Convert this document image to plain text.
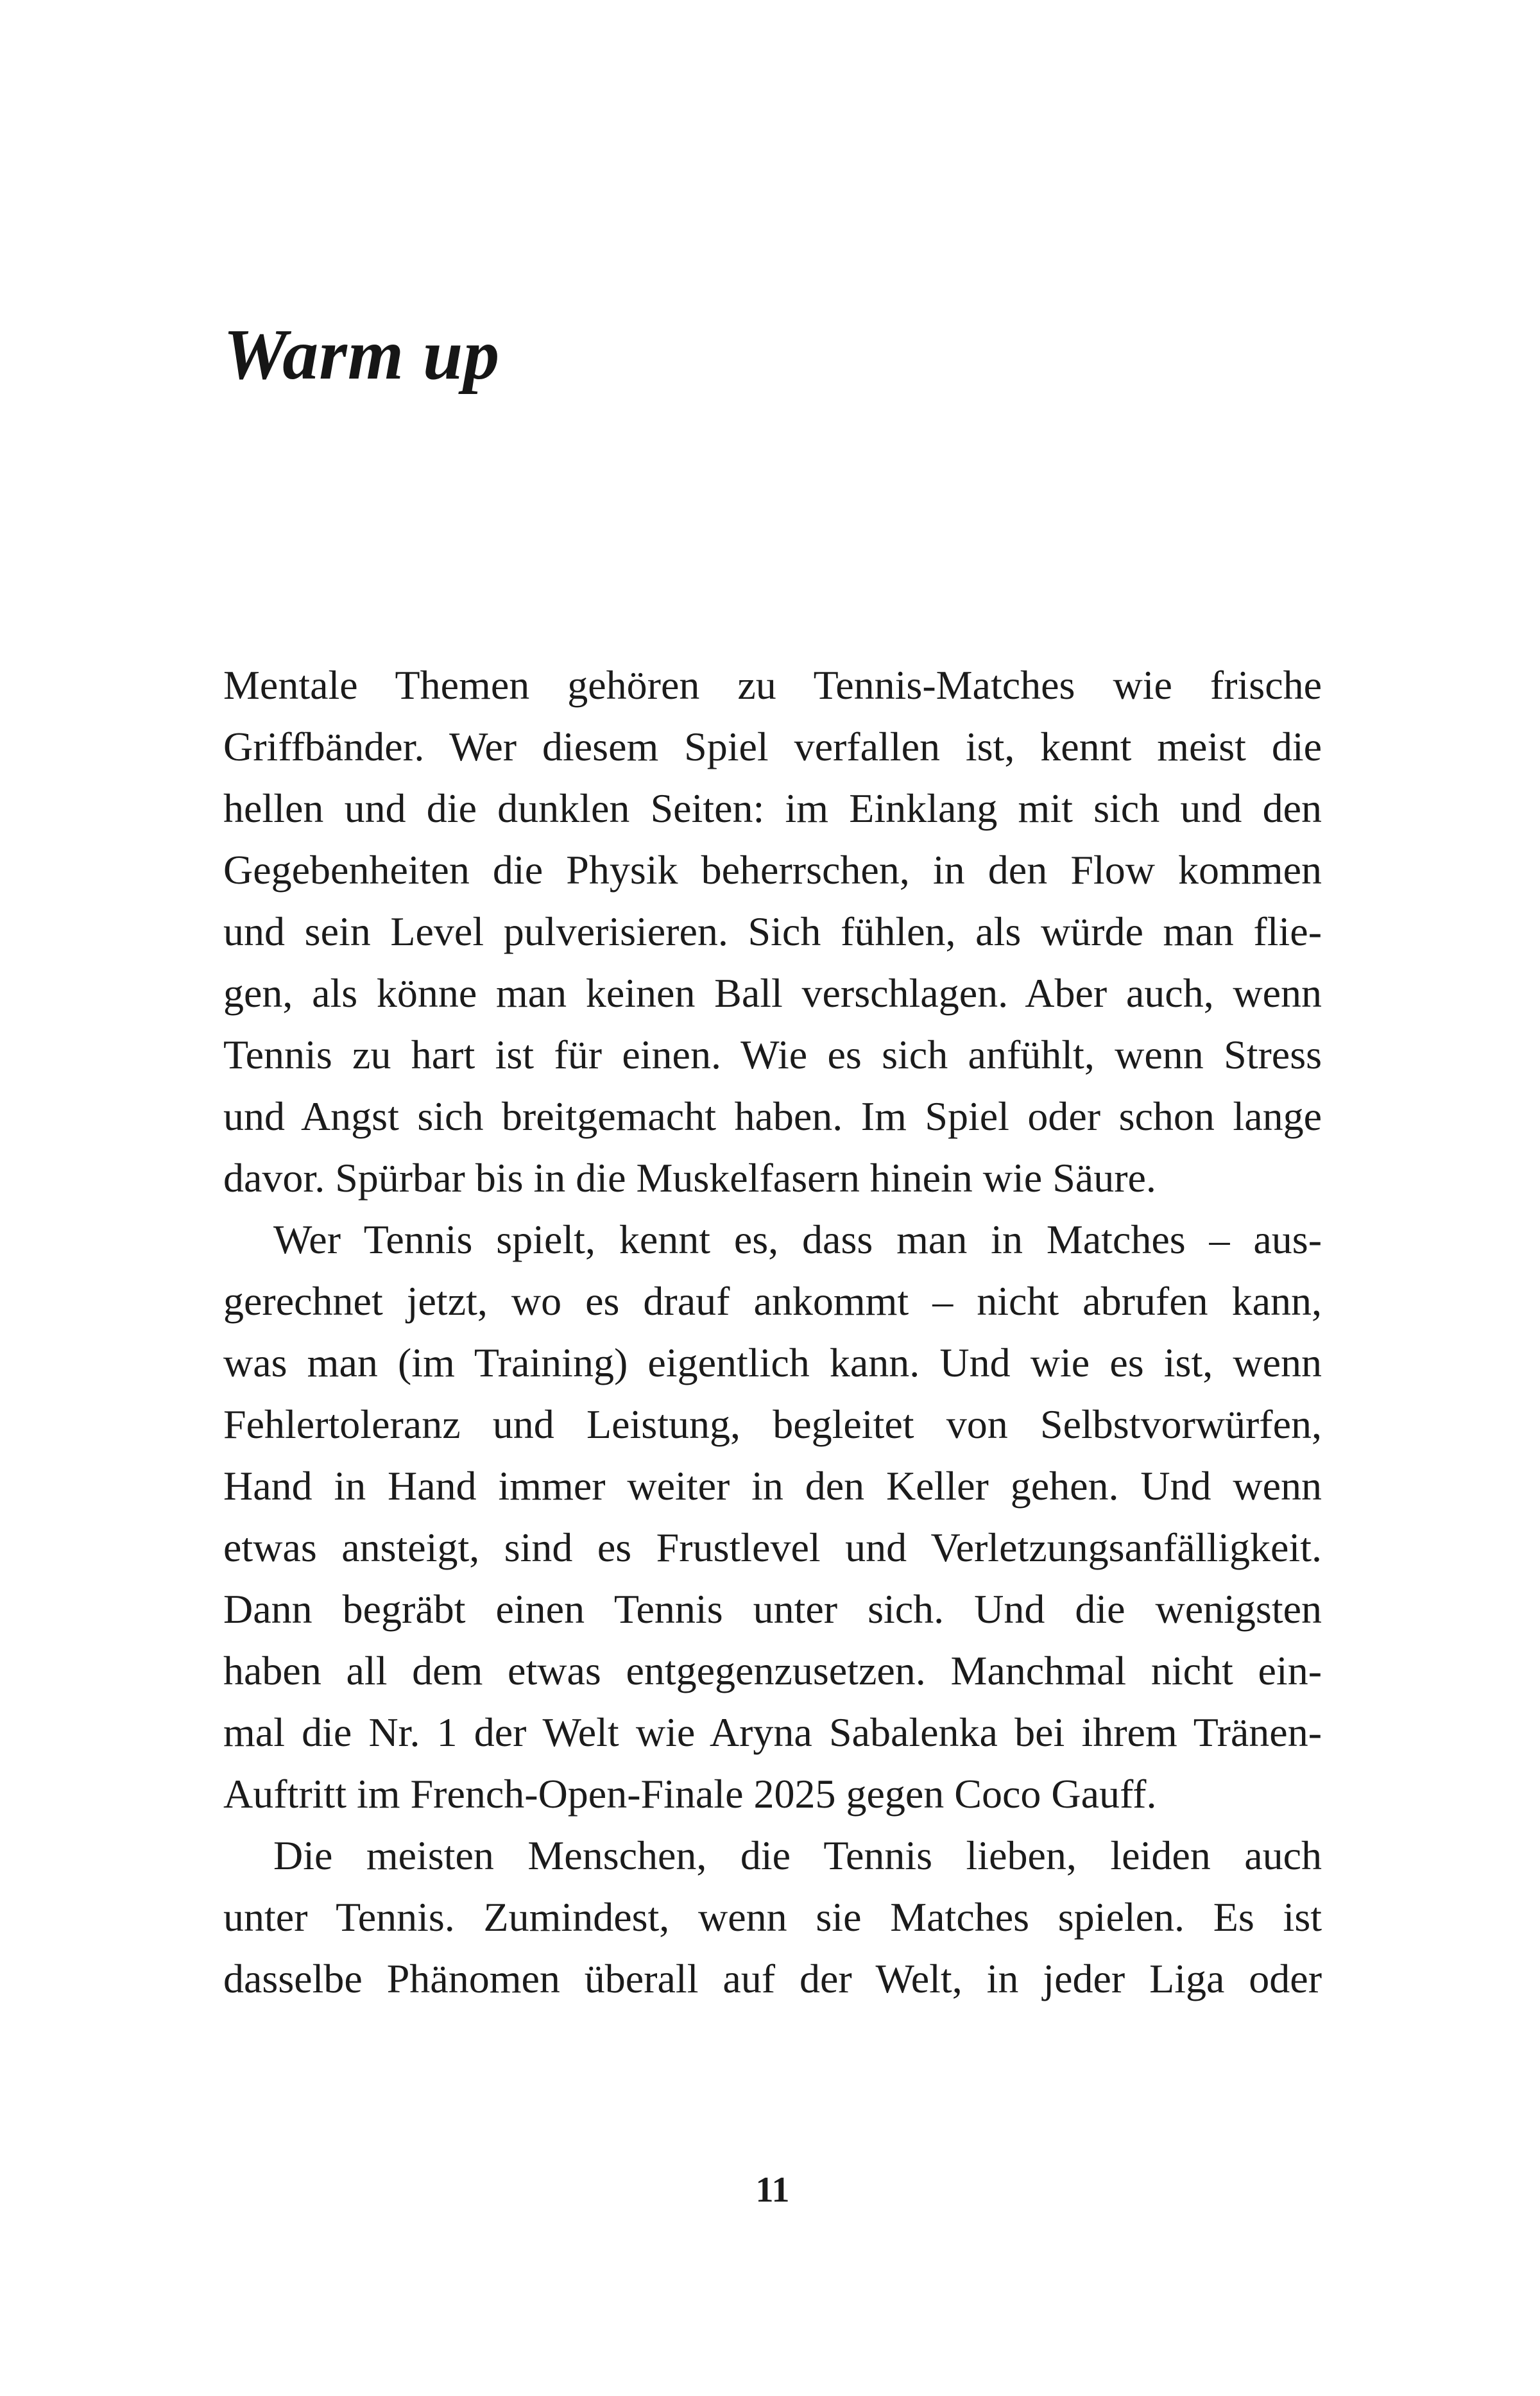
Warm up
Mentale Themen gehören zu Tennis-Matches wie frische
Griffbänder. Wer diesem Spiel verfallen ist, kennt meist die
hellen und die dunklen Seiten: im Einklang mit sich und den
Gegebenheiten die Physik beherrschen, in den Flow kommen
und sein Level pulverisieren. Sich fühlen, als würde man flie-
gen, als könne man keinen Ball verschlagen. Aber auch, wenn
Tennis zu hart ist für einen. Wie es sich anfühlt, wenn Stress
und Angst sich breitgemacht haben. Im Spiel oder schon lange
davor. Spürbar bis in die Muskelfasern hinein wie Säure.
Wer Tennis spielt, kennt es, dass man in Matches – aus-
gerechnet jetzt, wo es drauf ankommt – nicht abrufen kann,
was man (im Training) eigentlich kann. Und wie es ist, wenn
Fehlertoleranz und Leistung, begleitet von Selbstvorwürfen,
Hand in Hand immer weiter in den Keller gehen. Und wenn
etwas ansteigt, sind es Frustlevel und Verletzungsanfälligkeit.
Dann begräbt einen Tennis unter sich. Und die wenigsten
haben all dem etwas entgegenzusetzen. Manchmal nicht ein-
mal die Nr. 1 der Welt wie Aryna Sabalenka bei ihrem Tränen-
Auftritt im French-Open-Finale 2025 gegen Coco Gauff.
Die meisten Menschen, die Tennis lieben, leiden auch
unter Tennis. Zumindest, wenn sie Matches spielen. Es ist
dasselbe Phänomen überall auf der Welt, in jeder Liga oder
11
